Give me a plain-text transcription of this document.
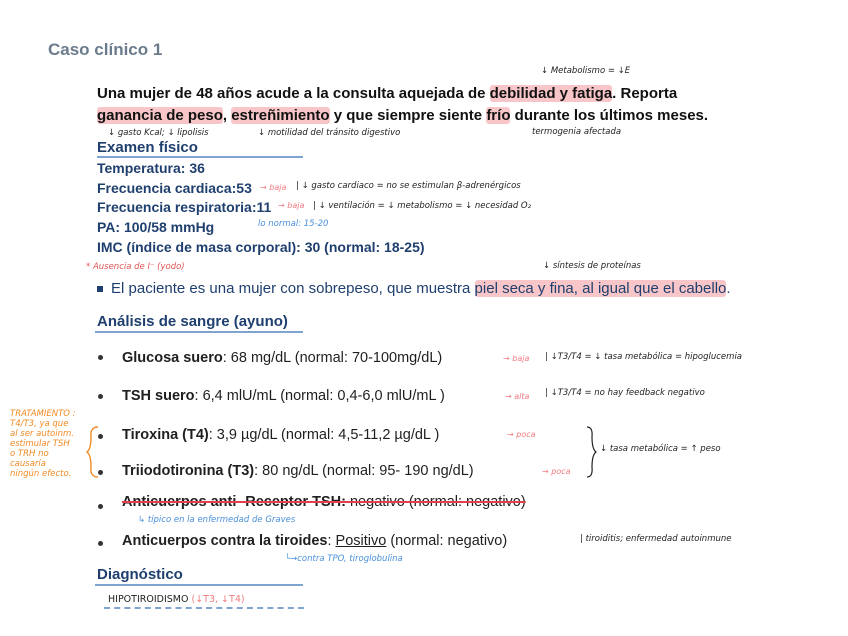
Caso clínico 1
↓ Metabolismo = ↓E
Una mujer de 48 años acude a la consulta aquejada de debilidad y fatiga. Reporta
ganancia de peso, estreñimiento y que siempre siente frío durante los últimos meses.
↓ gasto Kcal; ↓ lipolisis	↓ motilidad del tránsito digestivo	termogenia afectada
Examen físico
Temperatura: 36
Frecuencia cardiaca:53 → baja | ↓ gasto cardiaco = no se estimulan β-adrenérgicos
Frecuencia respiratoria:11 → baja | ↓ ventilación = ↓ metabolismo = ↓ necesidad O₂
lo normal: 15-20
PA: 100/58 mmHg
IMC (índice de masa corporal): 30 (normal: 18-25)
* Ausencia de I⁻ (yodo)	↓ síntesis de proteínas
El paciente es una mujer con sobrepeso, que muestra piel seca y fina, al igual que el cabello.
Análisis de sangre (ayuno)
Glucosa suero: 68 mg/dL (normal: 70-100mg/dL)	→ baja | ↓T3/T4 = ↓ tasa metabólica = hipoglucemia
TSH suero: 6,4 mlU/mL (normal: 0,4-6,0 mlU/mL )	→ alta | ↓T3/T4 = no hay feedback negativo
TRATAMIENTO :
T4/T3, ya que
al ser autoinm.
estimular TSH
o TRH no
causaría
ningún efecto.
Tiroxina (T4): 3,9 µg/dL (normal: 4,5-11,2 µg/dL )	→ poca
Triiodotironina (T3): 80 ng/dL (normal: 95- 190 ng/dL)	→ poca
↓ tasa metabólica = ↑ peso
Anticuerpos anti- Receptor TSH: negativo (normal: negativo)
↳ típico en la enfermedad de Graves
Anticuerpos contra la tiroides: Positivo (normal: negativo)	| tiroiditis; enfermedad autoinmune
└→contra TPO, tiroglobulina
Diagnóstico
HIPOTIROIDISMO (↓T3, ↓T4)
